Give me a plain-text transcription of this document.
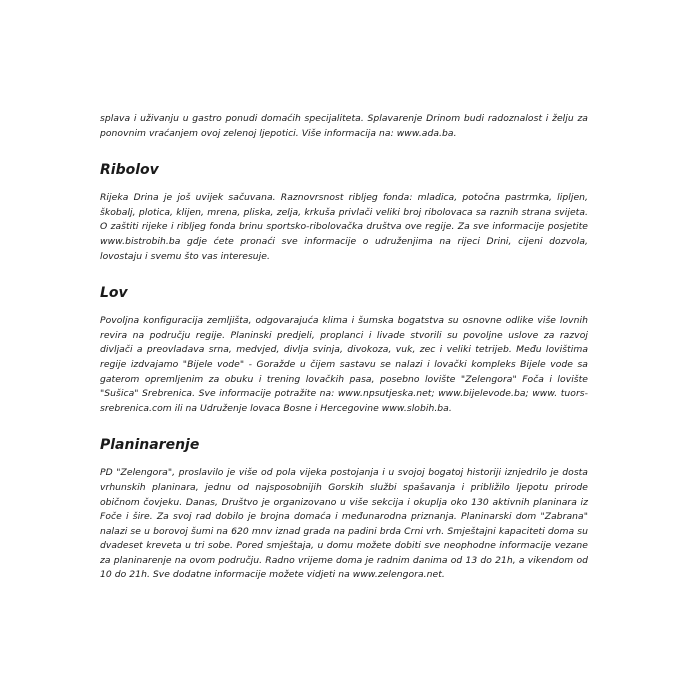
splava i uživanju u gastro ponudi domaćih specijaliteta. Splavarenje Drinom budi radoznalost i želju za ponovnim vraćanjem ovoj zelenoj ljepotici. Više informacija na: www.ada.ba.

Ribolov

Rijeka Drina je još uvijek sačuvana. Raznovrsnost ribljeg fonda: mladica, potočna pastrmka, lipljen, škobalj, plotica, klijen, mrena, pliska, zelja, krkuša privlači veliki broj ribolovaca sa raznih strana svijeta. O zaštiti rijeke i ribljeg fonda brinu sportsko-ribolovačka društva ove regije. Za sve informacije posjetite www.bistrobih.ba gdje ćete pronaći sve informacije o udruženjima na rijeci Drini, cijeni dozvola, lovostaju i svemu što vas interesuje.

Lov

Povoljna konfiguracija zemljišta, odgovarajuća klima i šumska bogatstva su osnovne odlike više lovnih revira na području regije. Planinski predjeli, proplanci i livade stvorili su povoljne uslove za razvoj divljači a preovladava srna, medvjed, divlja svinja, divokoza, vuk, zec i veliki tetrijeb. Među lovištima regije izdvajamo "Bijele vode" - Goražde u čijem sastavu se nalazi i lovački kompleks Bijele vode sa gaterom opremljenim za obuku i trening lovačkih pasa, posebno lovište "Zelengora" Foča i lovište "Sušica" Srebrenica. Sve informacije potražite na: www.npsutjeska.net; www.bijelevode.ba; www. tuors-srebrenica.com ili na Udruženje lovaca Bosne i Hercegovine www.slobih.ba.

Planinarenje

PD "Zelengora", proslavilo je više od pola vijeka postojanja i u svojoj bogatoj historiji iznjedrilo je dosta vrhunskih planinara, jednu od najsposobnijih Gorskih službi spašavanja i približilo ljepotu prirode običnom čovjeku. Danas, Društvo je organizovano u više sekcija i okuplja oko 130 aktivnih planinara iz Foče i šire. Za svoj rad dobilo je brojna domaća i međunarodna priznanja. Planinarski dom "Zabrana" nalazi se u borovoj šumi na 620 mnv iznad grada na padini brda Crni vrh. Smještajni kapaciteti doma su dvadeset kreveta u tri sobe. Pored smještaja, u domu možete dobiti sve neophodne informacije vezane za planinarenje na ovom području. Radno vrijeme doma je radnim danima od 13 do 21h, a vikendom od 10 do 21h. Sve dodatne informacije možete vidjeti na www.zelengora.net.
